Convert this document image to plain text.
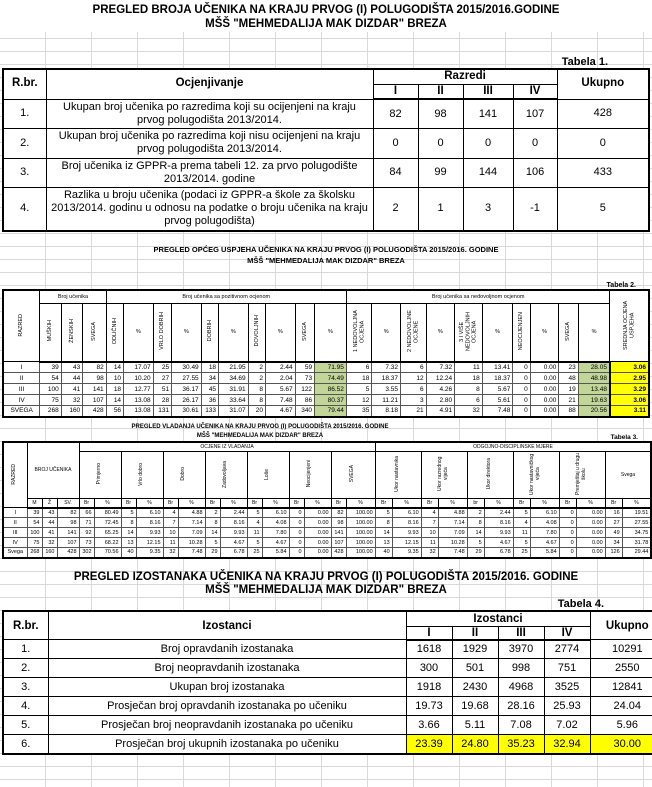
PREGLED BROJA UČENIKA NA KRAJU PRVOG (I) POLUGODIŠTA 2015/2016.GODINE
MŠŠ "MEHMEDALIJA MAK DIZDAR" BREZA
Tabela 1.
R.br.	Ocjenjivanje	Razredi				Ukupno
		I	II	III	IV	
1.	Ukupan broj učenika po razredima koji su ocijenjeni na kraju prvog polugodišta 2013/2014.	82	98	141	107	428
2.	Ukupan broj učenika po razredima koji nisu ocijenjeni na kraju prvog polugodišta 2013/2014.	0	0	0	0	0
3.	Broj učenika iz GPPR-a prema tabeli 12. za prvo polugodište 2013/2014. godine	84	99	144	106	433
4.	Razlika u broju učenika (podaci iz GPPR-a škole za školsku 2013/2014. godinu u odnosu na podatke o broju učenika na kraju prvog polugodišta)	2	1	3	-1	5
PREGLED OPĆEG USPJEHA UČENIKA NA KRAJU PRVOG (I) POLUGODIŠTA 2015/2016. GODINE
MŠŠ "MEHMEDALIJA MAK DIZDAR" BREZA
Tabela 2.
RAZRED	Broj učenika			Broj učenika sa pozitivnom ocjenom										Broj učenika sa nedovoljnom ocjenom										SREDNJA OCJENA USPJEHA
	MUŠKIH	ŽENSKIH	SVEGA	ODLIČNIH	%	VRLO DOBRIH	%	DOBRIH	%	DOVOLJNIH	%	SVEGA	%	1 NEDOVOLJNA OCJENA	%	2 NEDOVOLJNE OCJENE	%	3 I VIŠE NEDOVOLJNIH OCJENA	%	NEOCIJENJEN	%	SVEGA	%	
I	39	43	82	14	17.07	25	30.49	18	21.95	2	2.44	59	71.95	6	7.32	6	7.32	11	13.41	0	0.00	23	28.05	3.06
II	54	44	98	10	10.20	27	27.55	34	34.69	2	2.04	73	74.49	18	18.37	12	12.24	18	18.37	0	0.00	48	48.98	2.95
III	100	41	141	18	12.77	51	36.17	45	31.91	8	5.67	122	86.52	5	3.55	6	4.26	8	5.67	0	0.00	19	13.48	3.29
IV	75	32	107	14	13.08	28	26.17	36	33.64	8	7.48	86	80.37	12	11.21	3	2.80	6	5.61	0	0.00	21	19.63	3.06
SVEGA	268	160	428	56	13.08	131	30.61	133	31.07	20	4.67	340	79.44	35	8.18	21	4.91	32	7.48	0	0.00	88	20.56	3.11
PREGLED VLADANJA UČENIKA NA KRAJU PRVOG (I) POLUGODIŠTA 2015/2016. GODINE
MŠŠ "MEHMEDALIJA MAK DIZDAR" BREZA	Tabela 3.
RAZRED	BROJ UČENIKA			OCJENE IZ VLADANJA														ODGOJNO-DISCIPLINSKE MJERE											
				Primjerno		Vrlo dobro		Dobro		Zadovoljava		Loše		Neocijenjeni		SVEGA		Ukor nastavnika		Ukor razrednog vijeća		Ukor direktora		Ukor nastavničkog vijeća		Premještaj u drugu školu		Svega	
	M	Ž	SV.	Br	%	Br	%	Br	%	Br	%	Br	%	Br	%	Br	%	Br	%	Br	%	br	%	Br	%	Br	%	Br	%
I	39	43	82	66	80.49	5	6.10	4	4.88	2	2.44	5	6.10	0	0.00	82	100.00	5	6.10	4	4.88	2	2.44	5	6.10	0	0.00	16	19.51
II	54	44	98	71	72.45	8	8.16	7	7.14	8	8.16	4	4.08	0	0.00	98	100.00	8	8.16	7	7.14	8	8.16	4	4.08	0	0.00	27	27.55
III	100	41	141	92	65.25	14	9.93	10	7.09	14	9.93	11	7.80	0	0.00	141	100.00	14	9.93	10	7.09	14	9.93	11	7.80	0	0.00	49	34.75
IV	75	32	107	73	68.22	13	12.15	11	10.28	5	4.67	5	4.67	0	0.00	107	100.00	13	12.15	11	10.28	5	4.67	5	4.67	0	0.00	34	31.78
Svega	268	160	428	302	70.56	40	9.35	32	7.48	29	6.78	25	5.84	0	0.00	428	100.00	40	9.35	32	7.48	29	6.78	25	5.84	0	0.00	126	29.44
PREGLED IZOSTANAKA UČENIKA NA KRAJU PRVOG (I) POLUGODIŠTA 2015/2016. GODINE
MŠŠ "MEHMEDALIJA MAK DIZDAR" BREZA
Tabela 4.
R.br.	Izostanci	Izostanci				Ukupno
		I	II	III	IV	
1.	Broj opravdanih izostanaka	1618	1929	3970	2774	10291
2.	Broj neopravdanih izostanaka	300	501	998	751	2550
3.	Ukupan broj izostanaka	1918	2430	4968	3525	12841
4.	Prosječan broj opravdanih izostanaka po učeniku	19.73	19.68	28.16	25.93	24.04
5.	Prosječan broj neopravdanih izostanaka po učeniku	3.66	5.11	7.08	7.02	5.96
6.	Prosječan broj ukupnih izostanaka po učeniku	23.39	24.80	35.23	32.94	30.00
